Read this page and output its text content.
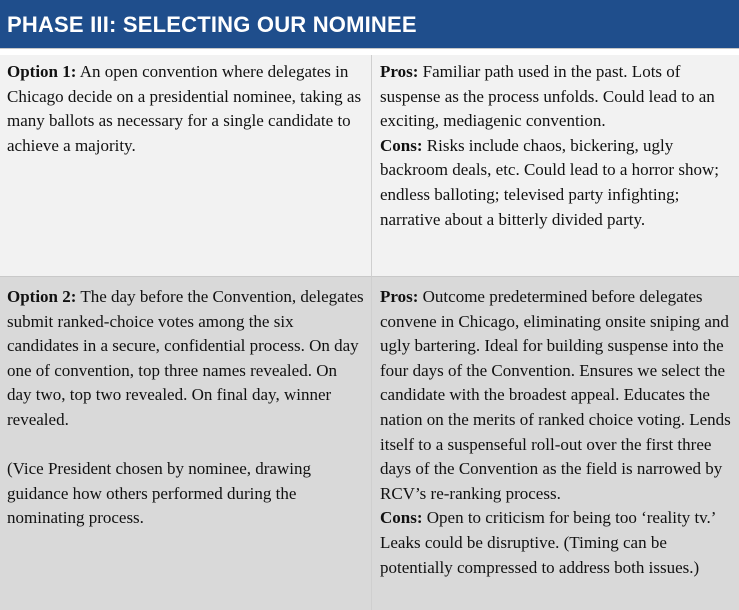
PHASE III: SELECTING OUR NOMINEE

Option 1: An open convention where delegates in Chicago decide on a presidential nominee, taking as many ballots as necessary for a single candidate to achieve a majority.

Pros: Familiar path used in the past. Lots of suspense as the process unfolds. Could lead to an exciting, mediagenic convention.

Cons: Risks include chaos, bickering, ugly backroom deals, etc. Could lead to a horror show; endless balloting; televised party infighting; narrative about a bitterly divided party.

Option 2: The day before the Convention, delegates submit ranked-choice votes among the six candidates in a secure, confidential process. On day one of convention, top three names revealed. On day two, top two revealed. On final day, winner revealed.

(Vice President chosen by nominee, drawing guidance how others performed during the nominating process.

Pros: Outcome predetermined before delegates convene in Chicago, eliminating onsite sniping and ugly bartering. Ideal for building suspense into the four days of the Convention. Ensures we select the candidate with the broadest appeal. Educates the nation on the merits of ranked choice voting. Lends itself to a suspenseful roll-out over the first three days of the Convention as the field is narrowed by RCV’s re-ranking process.

Cons: Open to criticism for being too ‘reality tv.’ Leaks could be disruptive. (Timing can be potentially compressed to address both issues.)
